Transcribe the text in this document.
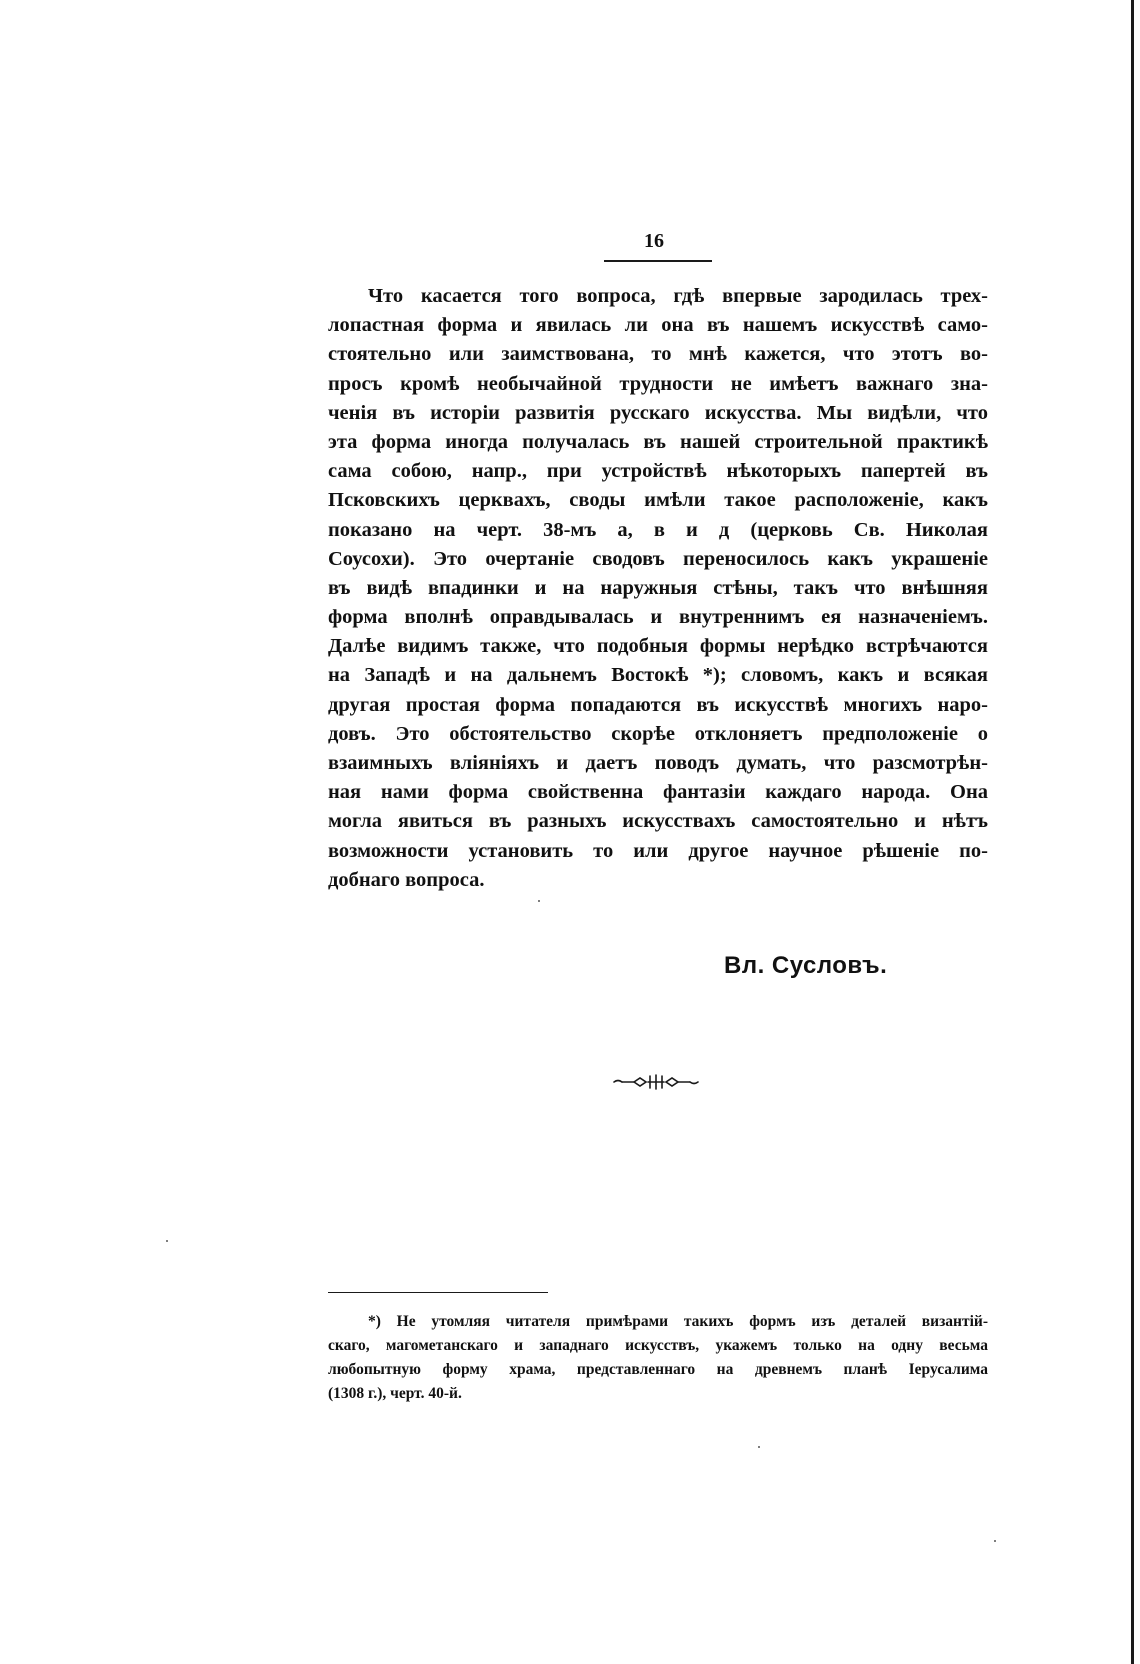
16
Что касается того вопроса, гдѣ впервые зародилась трех-
лопастная форма и явилась ли она въ нашемъ искусствѣ само-
стоятельно или заимствована, то мнѣ кажется, что этотъ во-
просъ кромѣ необычайной трудности не имѣетъ важнаго зна-
ченія въ исторіи развитія русскаго искусства. Мы видѣли, что
эта форма иногда получалась въ нашей строительной практикѣ
сама собою, напр., при устройствѣ нѣкоторыхъ папертей въ
Псковскихъ церквахъ, своды имѣли такое расположеніе, какъ
показано на черт. 38-мъ а, в и д (церковь Св. Николая
Соусохи). Это очертаніе сводовъ переносилось какъ украшеніе
въ видѣ впадинки и на наружныя стѣны, такъ что внѣшняя
форма вполнѣ оправдывалась и внутреннимъ ея назначеніемъ.
Далѣе видимъ также, что подобныя формы нерѣдко встрѣчаются
на Западѣ и на дальнемъ Востокѣ *); словомъ, какъ и всякая
другая простая форма попадаются въ искусствѣ многихъ наро-
довъ. Это обстоятельство скорѣе отклоняетъ предположеніе о
взаимныхъ вліяніяхъ и даетъ поводъ думать, что разсмотрѣн-
ная нами форма свойственна фантазіи каждаго народа. Она
могла явиться въ разныхъ искусствахъ самостоятельно и нѣтъ
возможности установить то или другое научное рѣшеніе по-
добнаго вопроса.
Вл. Сусловъ.
*) Не утомляя читателя примѣрами такихъ формъ изъ деталей византій-
скаго, магометанскаго и западнаго искусствъ, укажемъ только на одну весьма
любопытную форму храма, представленнаго на древнемъ планѣ Іерусалима
(1308 г.), черт. 40-й.
